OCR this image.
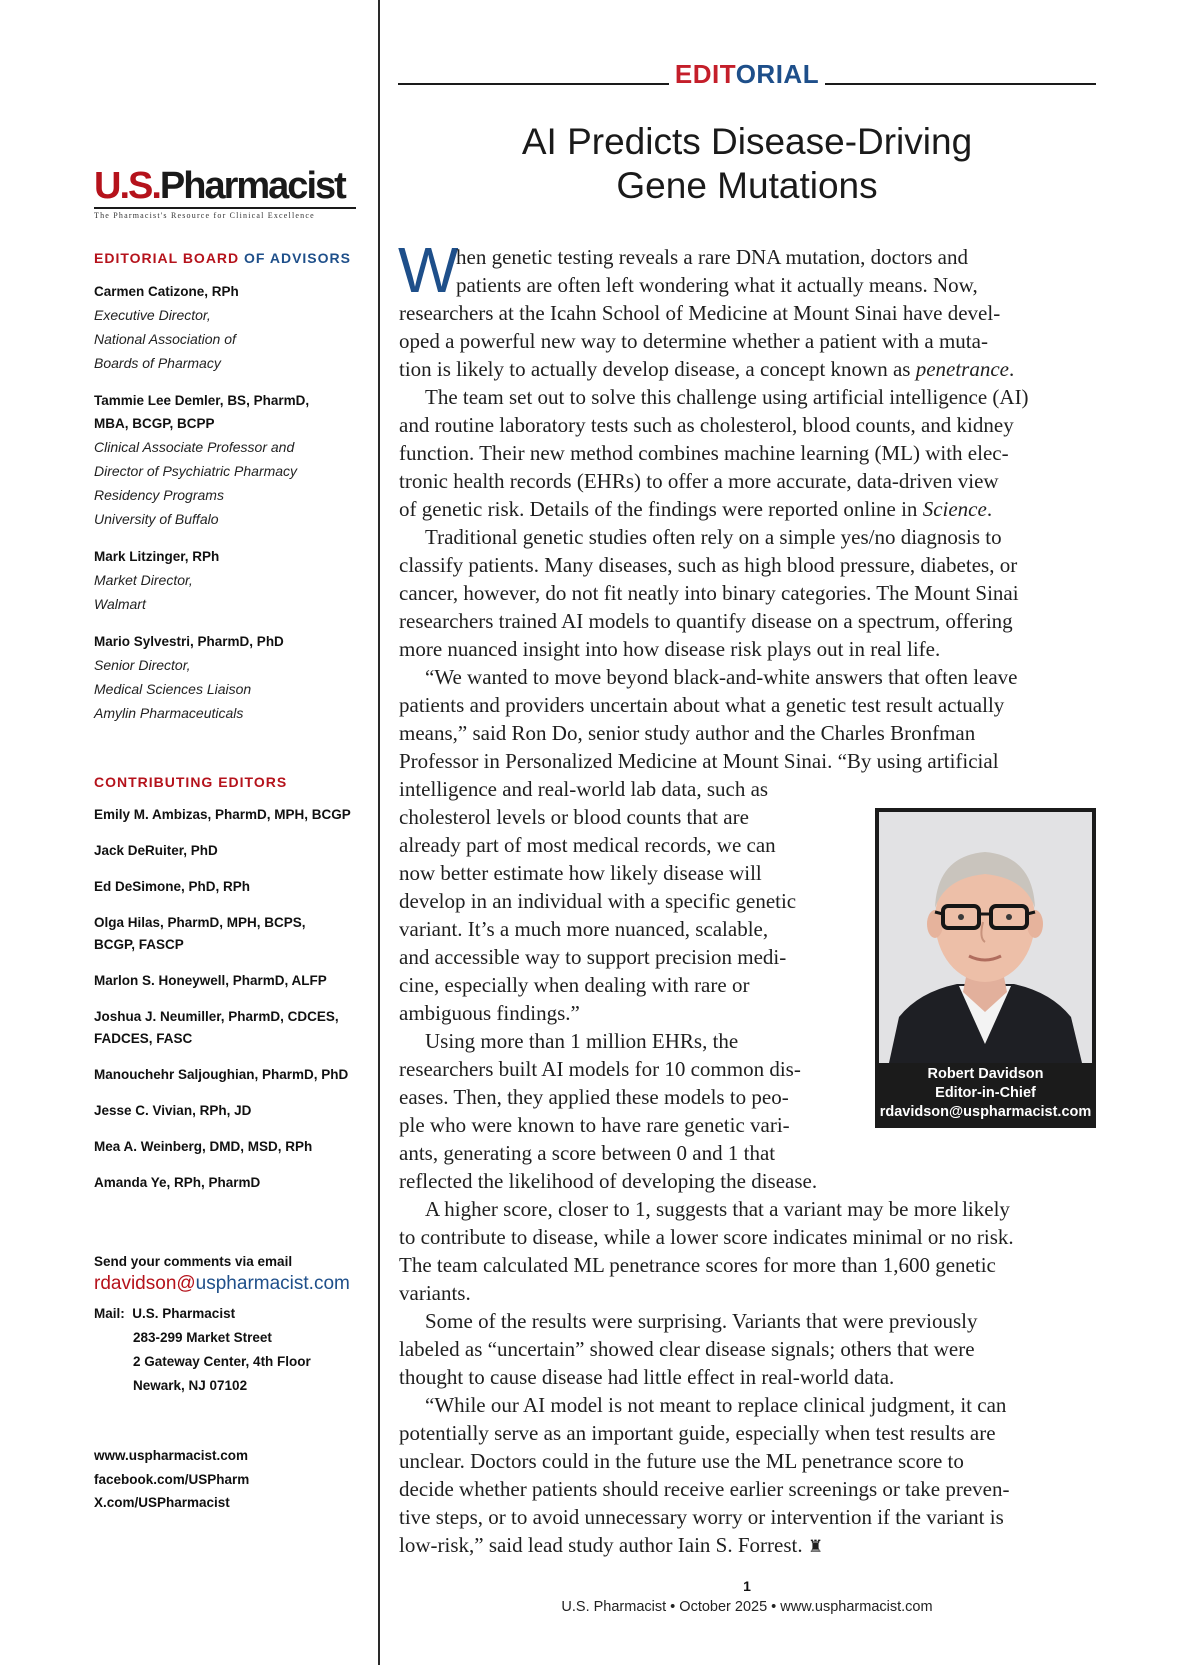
U.S.Pharmacist
The Pharmacist's Resource for Clinical Excellence
EDITORIAL BOARD OF ADVISORS
Carmen Catizone, RPh
Executive Director,
National Association of
Boards of Pharmacy
Tammie Lee Demler, BS, PharmD,
MBA, BCGP, BCPP
Clinical Associate Professor and
Director of Psychiatric Pharmacy
Residency Programs
University of Buffalo
Mark Litzinger, RPh
Market Director,
Walmart
Mario Sylvestri, PharmD, PhD
Senior Director,
Medical Sciences Liaison
Amylin Pharmaceuticals
CONTRIBUTING EDITORS
Emily M. Ambizas, PharmD, MPH, BCGP
Jack DeRuiter, PhD
Ed DeSimone, PhD, RPh
Olga Hilas, PharmD, MPH, BCPS,
BCGP, FASCP
Marlon S. Honeywell, PharmD, ALFP
Joshua J. Neumiller, PharmD, CDCES,
FADCES, FASC
Manouchehr Saljoughian, PharmD, PhD
Jesse C. Vivian, RPh, JD
Mea A. Weinberg, DMD, MSD, RPh
Amanda Ye, RPh, PharmD
Send your comments via email
rdavidson@uspharmacist.com
Mail: U.S. Pharmacist
283-299 Market Street
2 Gateway Center, 4th Floor
Newark, NJ 07102
www.uspharmacist.com
facebook.com/USPharm
X.com/USPharmacist
EDITORIAL
AI Predicts Disease-Driving
Gene Mutations
W
hen genetic testing reveals a rare DNA mutation, doctors and
patients are often left wondering what it actually means. Now,
researchers at the Icahn School of Medicine at Mount Sinai have devel-
oped a powerful new way to determine whether a patient with a muta-
tion is likely to actually develop disease, a concept known as penetrance.
The team set out to solve this challenge using artificial intelligence (AI)
and routine laboratory tests such as cholesterol, blood counts, and kidney
function. Their new method combines machine learning (ML) with elec-
tronic health records (EHRs) to offer a more accurate, data-driven view
of genetic risk. Details of the findings were reported online in Science.
Traditional genetic studies often rely on a simple yes/no diagnosis to
classify patients. Many diseases, such as high blood pressure, diabetes, or
cancer, however, do not fit neatly into binary categories. The Mount Sinai
researchers trained AI models to quantify disease on a spectrum, offering
more nuanced insight into how disease risk plays out in real life.
“We wanted to move beyond black-and-white answers that often leave
patients and providers uncertain about what a genetic test result actually
means,” said Ron Do, senior study author and the Charles Bronfman
Professor in Personalized Medicine at Mount Sinai. “By using artificial
intelligence and real-world lab data, such as
cholesterol levels or blood counts that are
already part of most medical records, we can
now better estimate how likely disease will
develop in an individual with a specific genetic
variant. It’s a much more nuanced, scalable,
and accessible way to support precision medi-
cine, especially when dealing with rare or
ambiguous findings.”
Using more than 1 million EHRs, the
researchers built AI models for 10 common dis-
eases. Then, they applied these models to peo-
ple who were known to have rare genetic vari-
ants, generating a score between 0 and 1 that
reflected the likelihood of developing the disease.
A higher score, closer to 1, suggests that a variant may be more likely
to contribute to disease, while a lower score indicates minimal or no risk.
The team calculated ML penetrance scores for more than 1,600 genetic
variants.
Some of the results were surprising. Variants that were previously
labeled as “uncertain” showed clear disease signals; others that were
thought to cause disease had little effect in real-world data.
“While our AI model is not meant to replace clinical judgment, it can
potentially serve as an important guide, especially when test results are
unclear. Doctors could in the future use the ML penetrance score to
decide whether patients should receive earlier screenings or take preven-
tive steps, or to avoid unnecessary worry or intervention if the variant is
low-risk,” said lead study author Iain S. Forrest. ♜
Robert Davidson
Editor-in-Chief
rdavidson@uspharmacist.com
1
U.S. Pharmacist • October 2025 • www.uspharmacist.com
